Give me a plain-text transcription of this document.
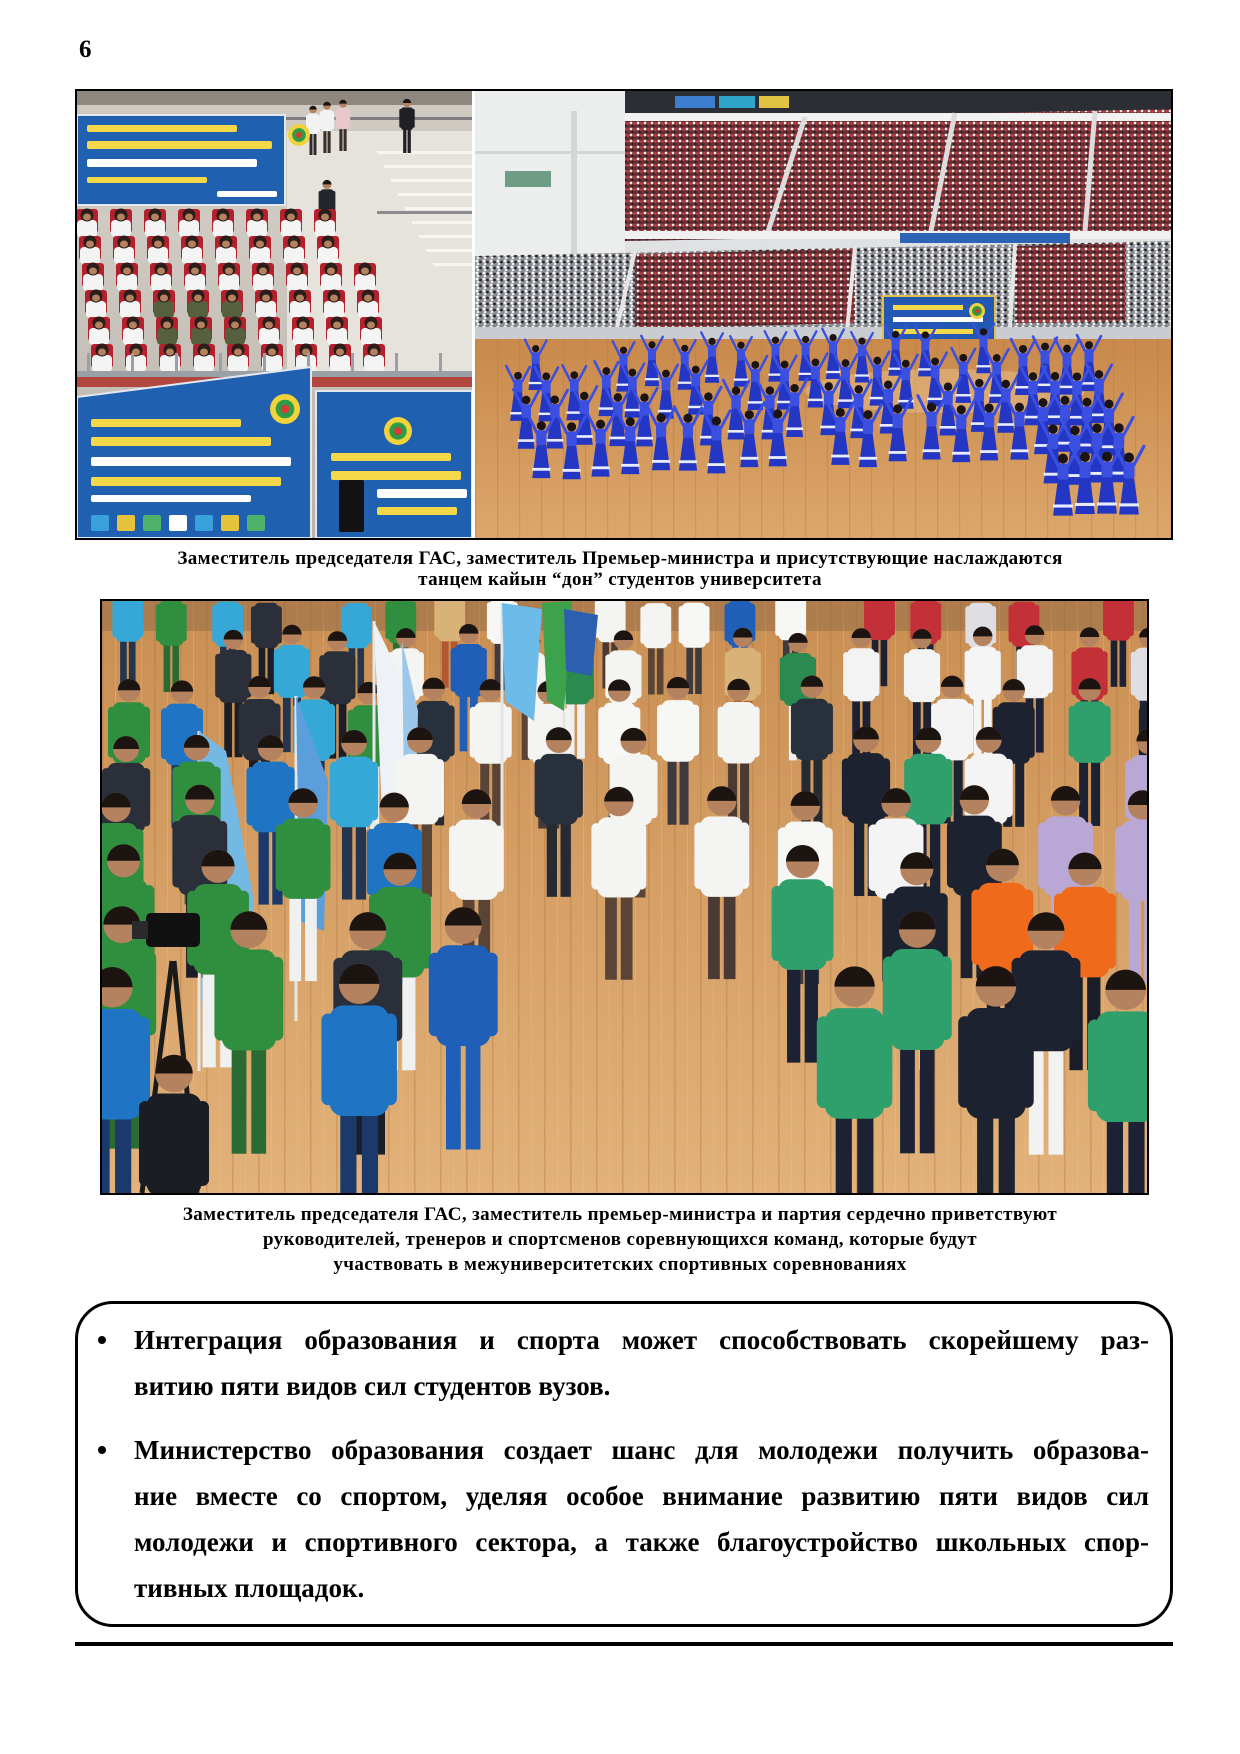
6
Заместитель председателя ГАС, заместитель Премьер-министра и присутствующие наслаждаются
танцем кайын “дон” студентов университета
Заместитель председателя ГАС, заместитель премьер-министра и партия сердечно приветствуют
руководителей, тренеров и спортсменов соревнующихся команд, которые будут
участвовать в межуниверситетских спортивных соревнованиях
Интеграция образования и спорта может способствовать скорейшему раз-
витию пяти видов сил студентов вузов.
Министерство образования создает шанс для молодежи получить образова-
ние вместе со спортом, уделяя особое внимание развитию пяти видов сил
молодежи и спортивного сектора, а также благоустройство школьных спор-
тивных площадок.
